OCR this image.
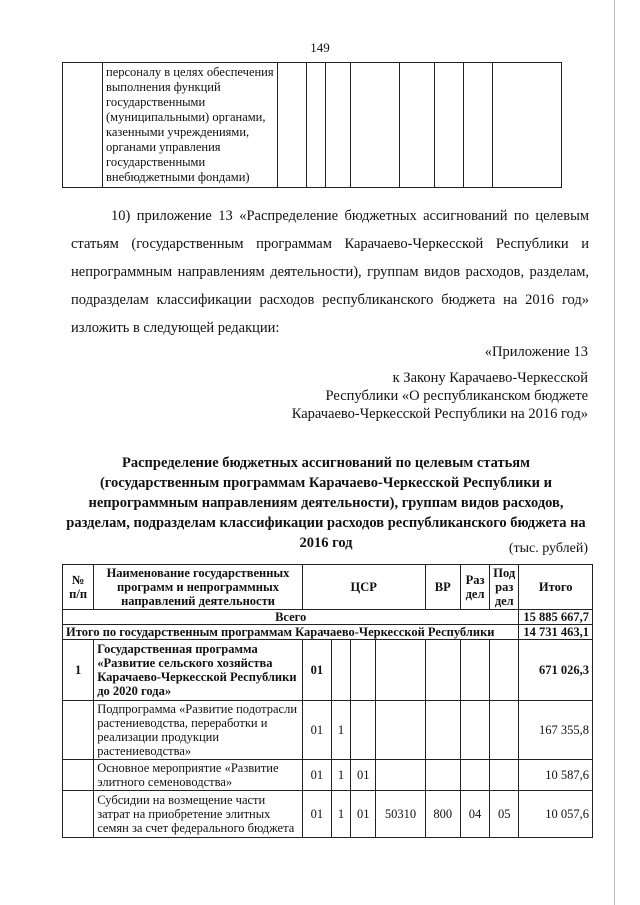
149
	персоналу в целях обеспечения выполнения функций государственными (муниципальными) органами, казенными учреждениями, органами управления государственными внебюджетными фондами)								
10) приложение 13 «Распределение бюджетных ассигнований по целевым статьям (государственным программам Карачаево-Черкесской Республики и непрограммным направлениям деятельности), группам видов расходов, разделам, подразделам классификации расходов республиканского бюджета на 2016 год» изложить в следующей редакции:
«Приложение 13
к Закону Карачаево-Черкесской
Республики «О республиканском бюджете
Карачаево-Черкесской Республики на 2016 год»
Распределение бюджетных ассигнований по целевым статьям (государственным программам Карачаево-Черкесской Республики и непрограммным направлениям деятельности), группам видов расходов, разделам, подразделам классификации расходов республиканского бюджета на 2016 год	(тыс. рублей)
№ п/п	Наименование государственных программ и непрограммных направлений деятельности	ЦСР				ВР	Раз дел	Под раз дел	Итого
Всего									15 885 667,7
Итого по государственным программам Карачаево-Черкесской Республики									14 731 463,1
1	Государственная программа «Развитие сельского хозяйства Карачаево-Черкесской Республики до 2020 года»	01							671 026,3
	Подпрограмма «Развитие подотрасли растениеводства, переработки и реализации продукции растениеводства»	01	1						167 355,8
	Основное мероприятие «Развитие элитного семеноводства»	01	1	01					10 587,6
	Субсидии на возмещение части затрат на приобретение элитных семян за счет федерального бюджета	01	1	01	50310	800	04	05	10 057,6
